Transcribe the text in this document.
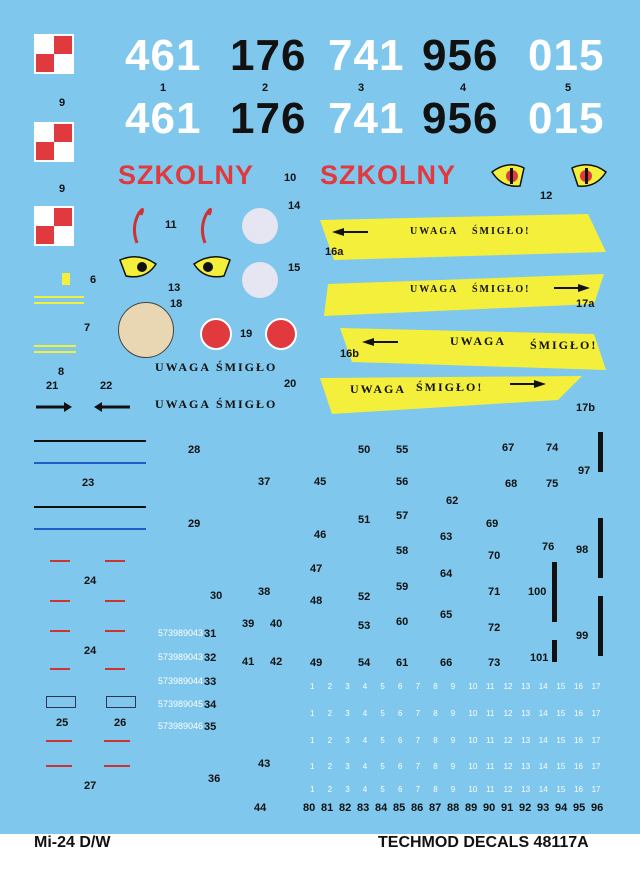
9
9
461 176 741 956 015
1	2	3	4	5
461 176 741 956 015
SZKOLNY	10 SZKOLNY
12
11
13
14
15
6
7
8
18
19
UWAGA ŚMIGŁO
UWAGA ŚMIGŁO
20
21	22
UWAGA ŚMIGŁO!
16a
UWAGA ŚMIGŁO!
17a
UWAGA ŚMIGŁO!
16b
UWAGA ŚMIGŁO!
17b
23
24
24
25	26
27
28
29
30
573989043 31
573989043 32
573989044 33
573989045 34
573989046 35
36
37
38
39 40
41 42
43
44
45
46
47
48
49
50
51
52
53
54
55
56
57
58
59
60
61
62
63
64
65
66
67
68
69
70
71
72
73
74
75
76
97
98
100
99
101
1 2 3 4 5 6 7 8 9 10 11 12 13 14 15 16 17
1 2 3 4 5 6 7 8 9 10 11 12 13 14 15 16 17
1 2 3 4 5 6 7 8 9 10 11 12 13 14 15 16 17
1 2 3 4 5 6 7 8 9 10 11 12 13 14 15 16 17
1 2 3 4 5 6 7 8 9 10 11 12 13 14 15 16 17
80 81 82 83 84 85 86 87 88 89 90 91 92 93 94 95 96
Mi-24 D/W	TECHMOD DECALS 48117A
